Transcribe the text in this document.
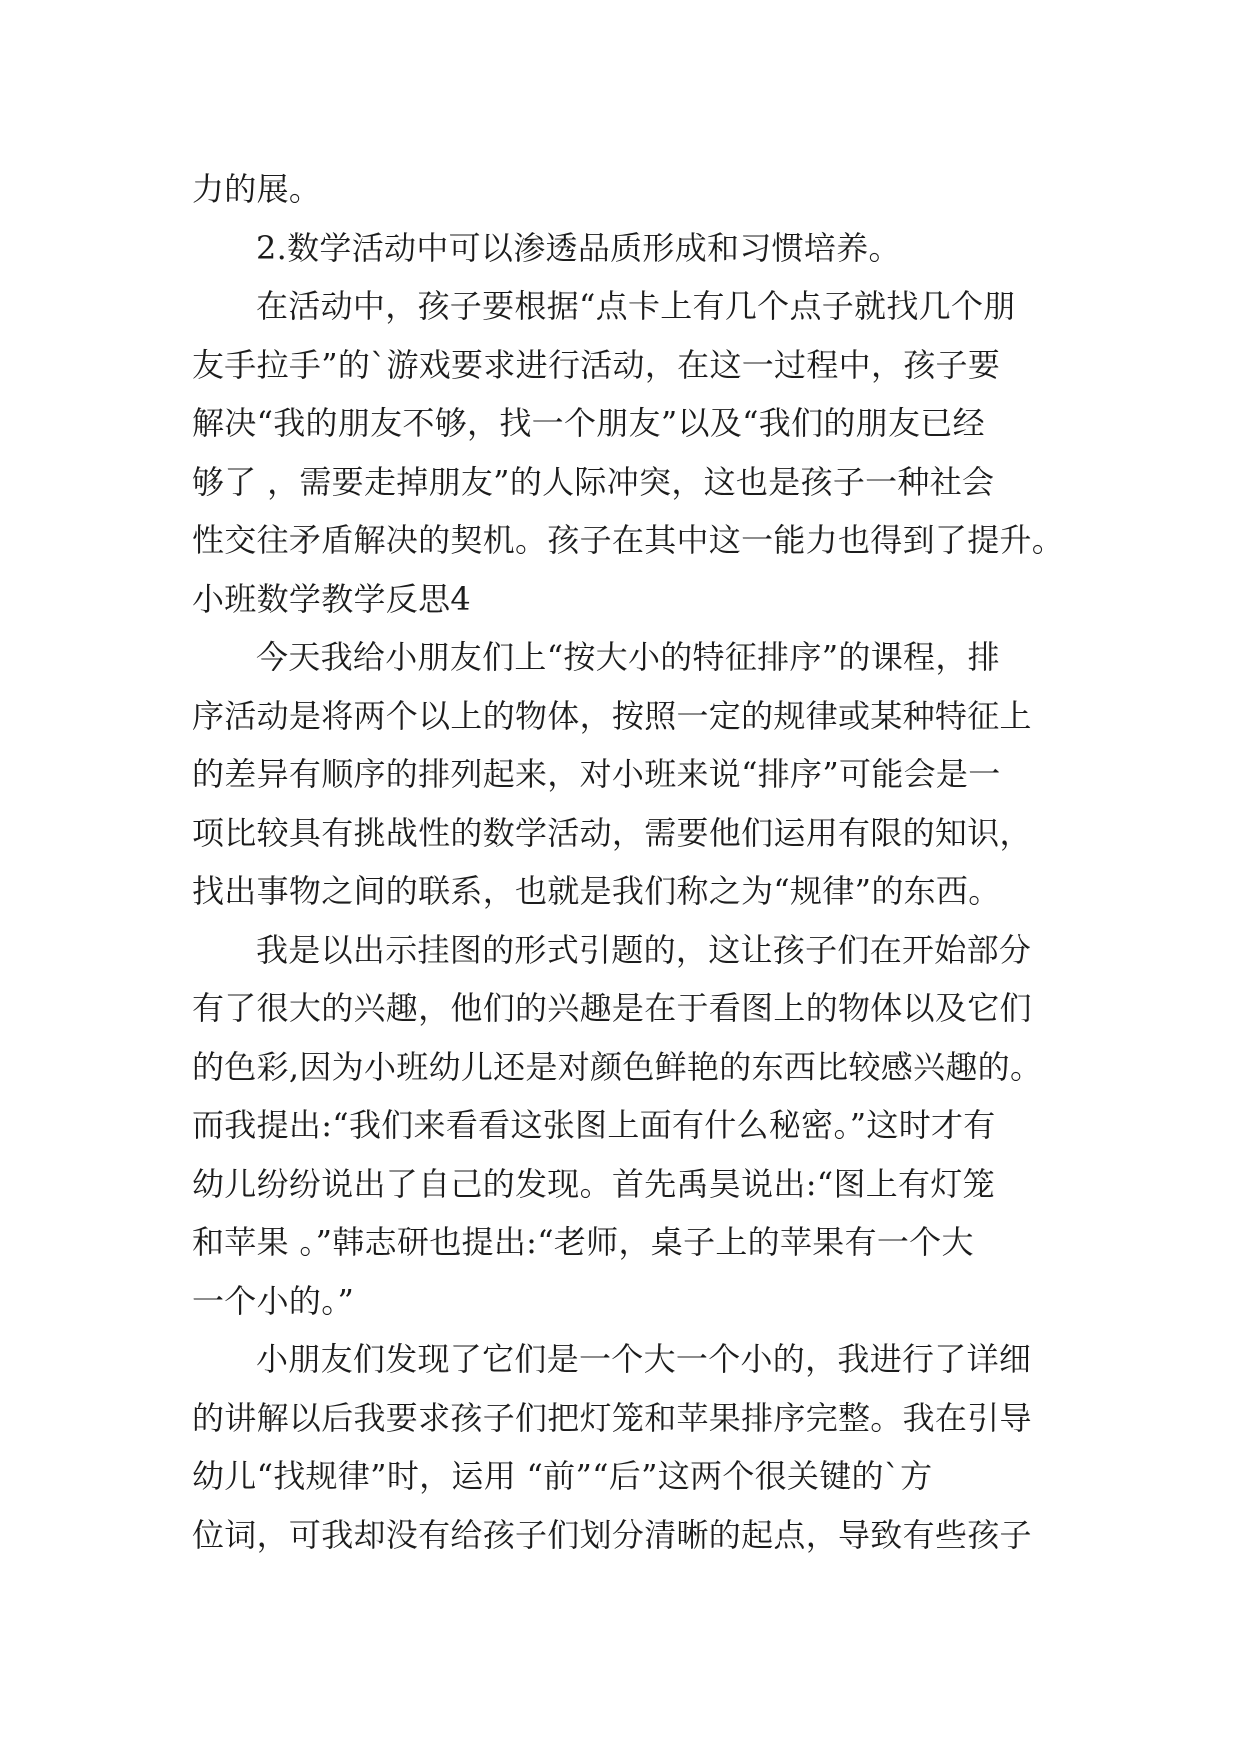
力的展。
2.数学活动中可以渗透品质形成和习惯培养。
在活动中，孩子要根据“点卡上有几个点子就找几个朋
友手拉手”的`游戏要求进行活动，在这一过程中，孩子要
解决“我的朋友不够，找一个朋友”以及“我们的朋友已经
够了 ，需要走掉朋友”的人际冲突，这也是孩子一种社会
性交往矛盾解决的契机。孩子在其中这一能力也得到了提升。
小班数学教学反思4
今天我给小朋友们上“按大小的特征排序”的课程，排
序活动是将两个以上的物体，按照一定的规律或某种特征上
的差异有顺序的排列起来，对小班来说“排序”可能会是一
项比较具有挑战性的数学活动，需要他们运用有限的知识，
找出事物之间的联系，也就是我们称之为“规律”的东西。
我是以出示挂图的形式引题的，这让孩子们在开始部分
有了很大的兴趣，他们的兴趣是在于看图上的物体以及它们
的色彩,因为小班幼儿还是对颜色鲜艳的东西比较感兴趣的。
而我提出:“我们来看看这张图上面有什么秘密。”这时才有
幼儿纷纷说出了自己的发现。首先禹昊说出:“图上有灯笼
和苹果 。”韩志研也提出:“老师，桌子上的苹果有一个大
一个小的。”
小朋友们发现了它们是一个大一个小的，我进行了详细
的讲解以后我要求孩子们把灯笼和苹果排序完整。我在引导
幼儿“找规律”时，运用 “前”“后”这两个很关键的`方
位词，可我却没有给孩子们划分清晰的起点，导致有些孩子
